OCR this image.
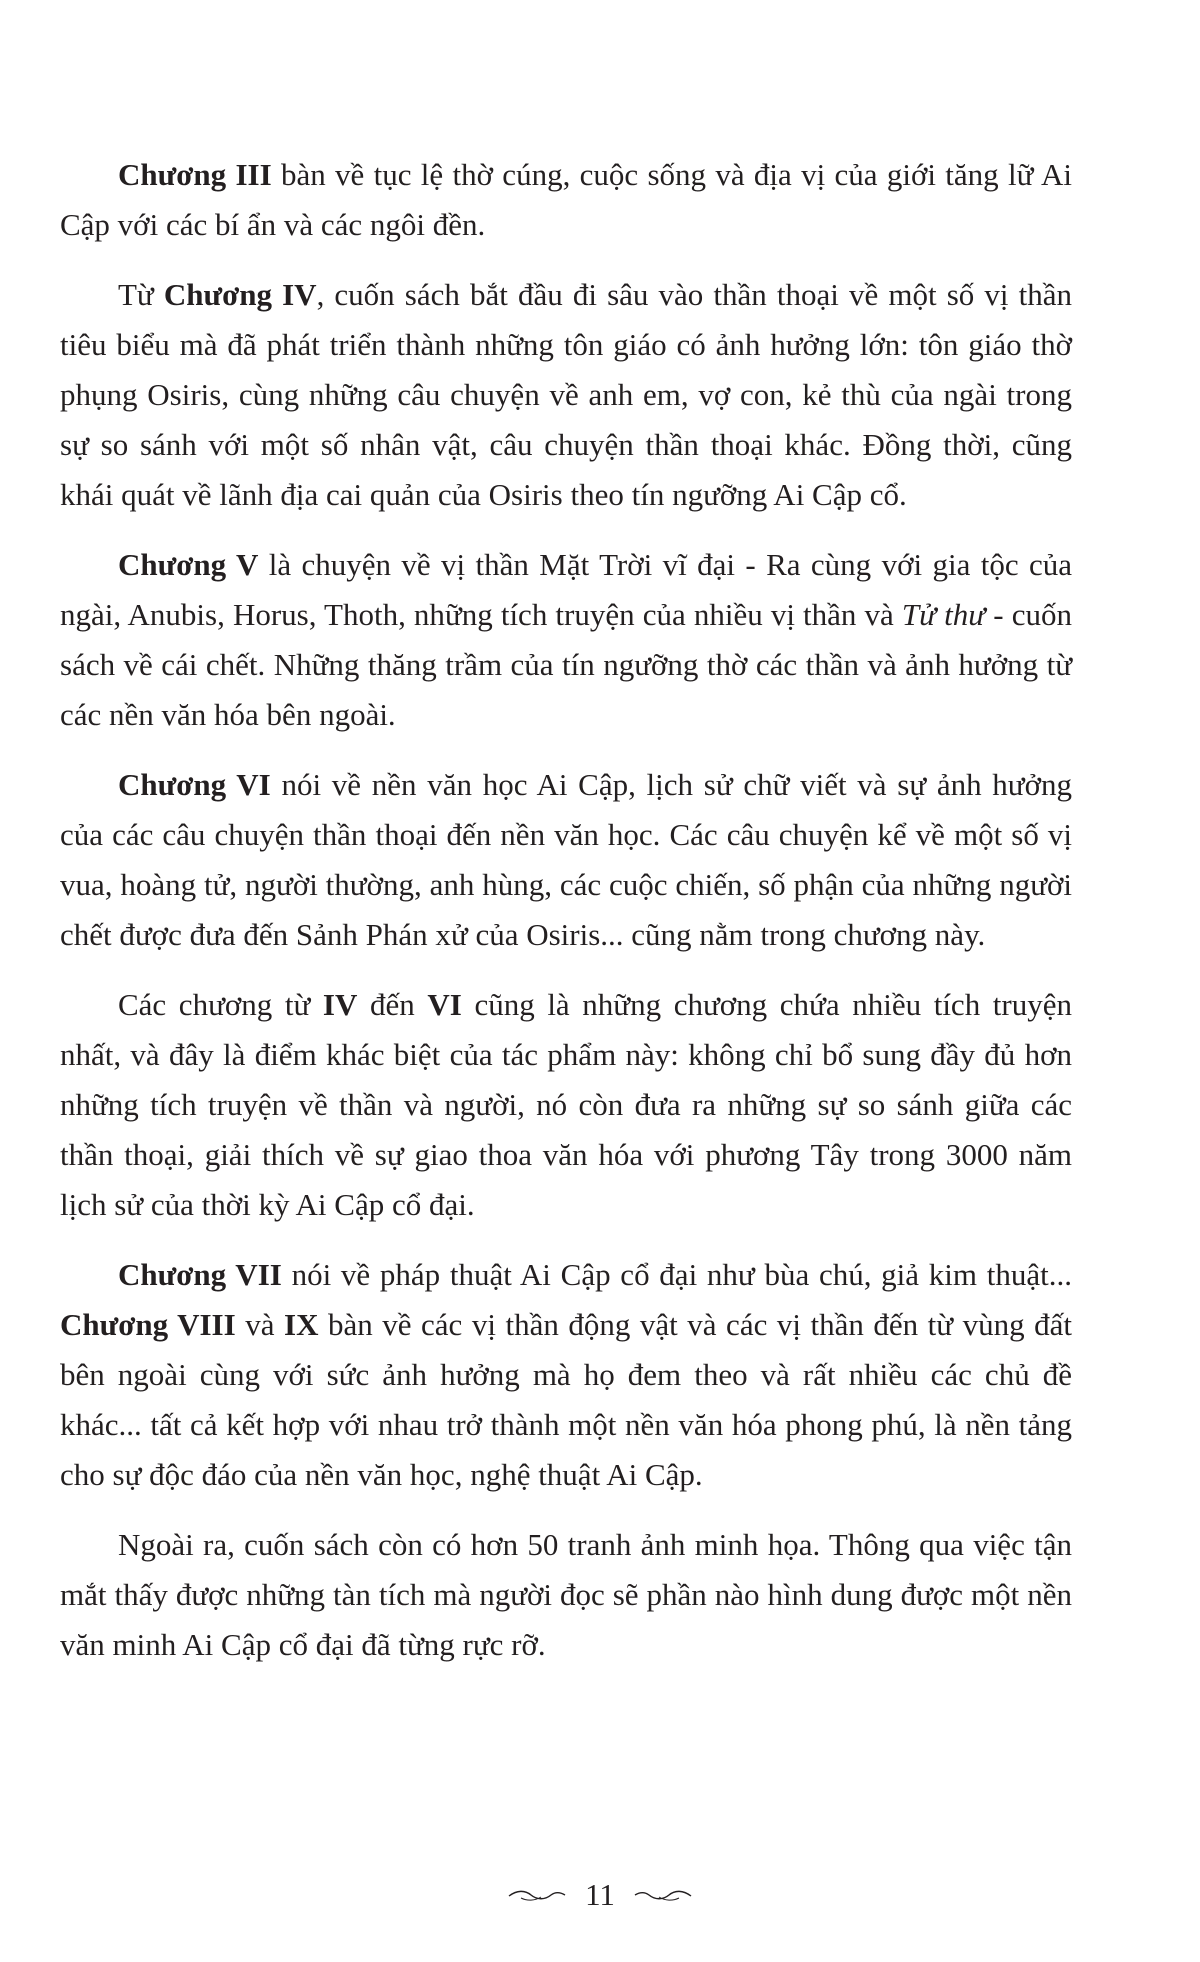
Chương III bàn về tục lệ thờ cúng, cuộc sống và địa vị của giới tăng lữ Ai Cập với các bí ẩn và các ngôi đền.

Từ Chương IV, cuốn sách bắt đầu đi sâu vào thần thoại về một số vị thần tiêu biểu mà đã phát triển thành những tôn giáo có ảnh hưởng lớn: tôn giáo thờ phụng Osiris, cùng những câu chuyện về anh em, vợ con, kẻ thù của ngài trong sự so sánh với một số nhân vật, câu chuyện thần thoại khác. Đồng thời, cũng khái quát về lãnh địa cai quản của Osiris theo tín ngưỡng Ai Cập cổ.

Chương V là chuyện về vị thần Mặt Trời vĩ đại - Ra cùng với gia tộc của ngài, Anubis, Horus, Thoth, những tích truyện của nhiều vị thần và Tử thư - cuốn sách về cái chết. Những thăng trầm của tín ngưỡng thờ các thần và ảnh hưởng từ các nền văn hóa bên ngoài.

Chương VI nói về nền văn học Ai Cập, lịch sử chữ viết và sự ảnh hưởng của các câu chuyện thần thoại đến nền văn học. Các câu chuyện kể về một số vị vua, hoàng tử, người thường, anh hùng, các cuộc chiến, số phận của những người chết được đưa đến Sảnh Phán xử của Osiris... cũng nằm trong chương này.

Các chương từ IV đến VI cũng là những chương chứa nhiều tích truyện nhất, và đây là điểm khác biệt của tác phẩm này: không chỉ bổ sung đầy đủ hơn những tích truyện về thần và người, nó còn đưa ra những sự so sánh giữa các thần thoại, giải thích về sự giao thoa văn hóa với phương Tây trong 3000 năm lịch sử của thời kỳ Ai Cập cổ đại.

Chương VII nói về pháp thuật Ai Cập cổ đại như bùa chú, giả kim thuật... Chương VIII và IX bàn về các vị thần động vật và các vị thần đến từ vùng đất bên ngoài cùng với sức ảnh hưởng mà họ đem theo và rất nhiều các chủ đề khác... tất cả kết hợp với nhau trở thành một nền văn hóa phong phú, là nền tảng cho sự độc đáo của nền văn học, nghệ thuật Ai Cập.

Ngoài ra, cuốn sách còn có hơn 50 tranh ảnh minh họa. Thông qua việc tận mắt thấy được những tàn tích mà người đọc sẽ phần nào hình dung được một nền văn minh Ai Cập cổ đại đã từng rực rỡ.

11
